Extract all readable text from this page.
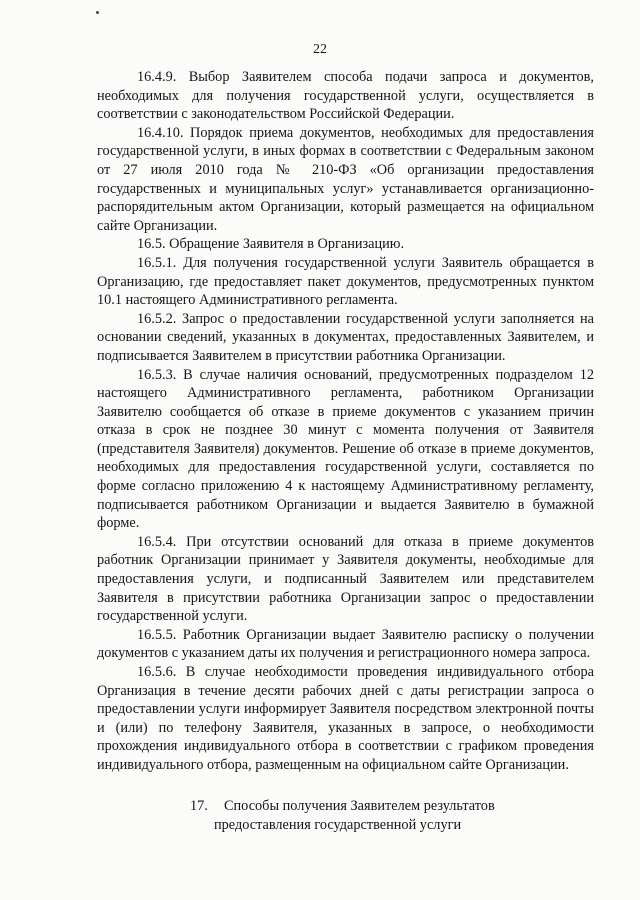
22

16.4.9. Выбор Заявителем способа подачи запроса и документов, необходимых для получения государственной услуги, осуществляется в соответствии с законодательством Российской Федерации.

16.4.10. Порядок приема документов, необходимых для предоставления государственной услуги, в иных формах в соответствии с Федеральным законом от 27 июля 2010 года № 210-ФЗ «Об организации предоставления государственных и муниципальных услуг» устанавливается организационно-распорядительным актом Организации, который размещается на официальном сайте Организации.

16.5. Обращение Заявителя в Организацию.

16.5.1. Для получения государственной услуги Заявитель обращается в Организацию, где предоставляет пакет документов, предусмотренных пунктом 10.1 настоящего Административного регламента.

16.5.2. Запрос о предоставлении государственной услуги заполняется на основании сведений, указанных в документах, предоставленных Заявителем, и подписывается Заявителем в присутствии работника Организации.

16.5.3. В случае наличия оснований, предусмотренных подразделом 12 настоящего Административного регламента, работником Организации Заявителю сообщается об отказе в приеме документов с указанием причин отказа в срок не позднее 30 минут с момента получения от Заявителя (представителя Заявителя) документов. Решение об отказе в приеме документов, необходимых для предоставления государственной услуги, составляется по форме согласно приложению 4 к настоящему Административному регламенту, подписывается работником Организации и выдается Заявителю в бумажной форме.

16.5.4. При отсутствии оснований для отказа в приеме документов работник Организации принимает у Заявителя документы, необходимые для предоставления услуги, и подписанный Заявителем или представителем Заявителя в присутствии работника Организации запрос о предоставлении государственной услуги.

16.5.5. Работник Организации выдает Заявителю расписку о получении документов с указанием даты их получения и регистрационного номера запроса.

16.5.6. В случае необходимости проведения индивидуального отбора Организация в течение десяти рабочих дней с даты регистрации запроса о предоставлении услуги информирует Заявителя посредством электронной почты и (или) по телефону Заявителя, указанных в запросе, о необходимости прохождения индивидуального отбора в соответствии с графиком проведения индивидуального отбора, размещенным на официальном сайте Организации.

17. Способы получения Заявителем результатов
предоставления государственной услуги
